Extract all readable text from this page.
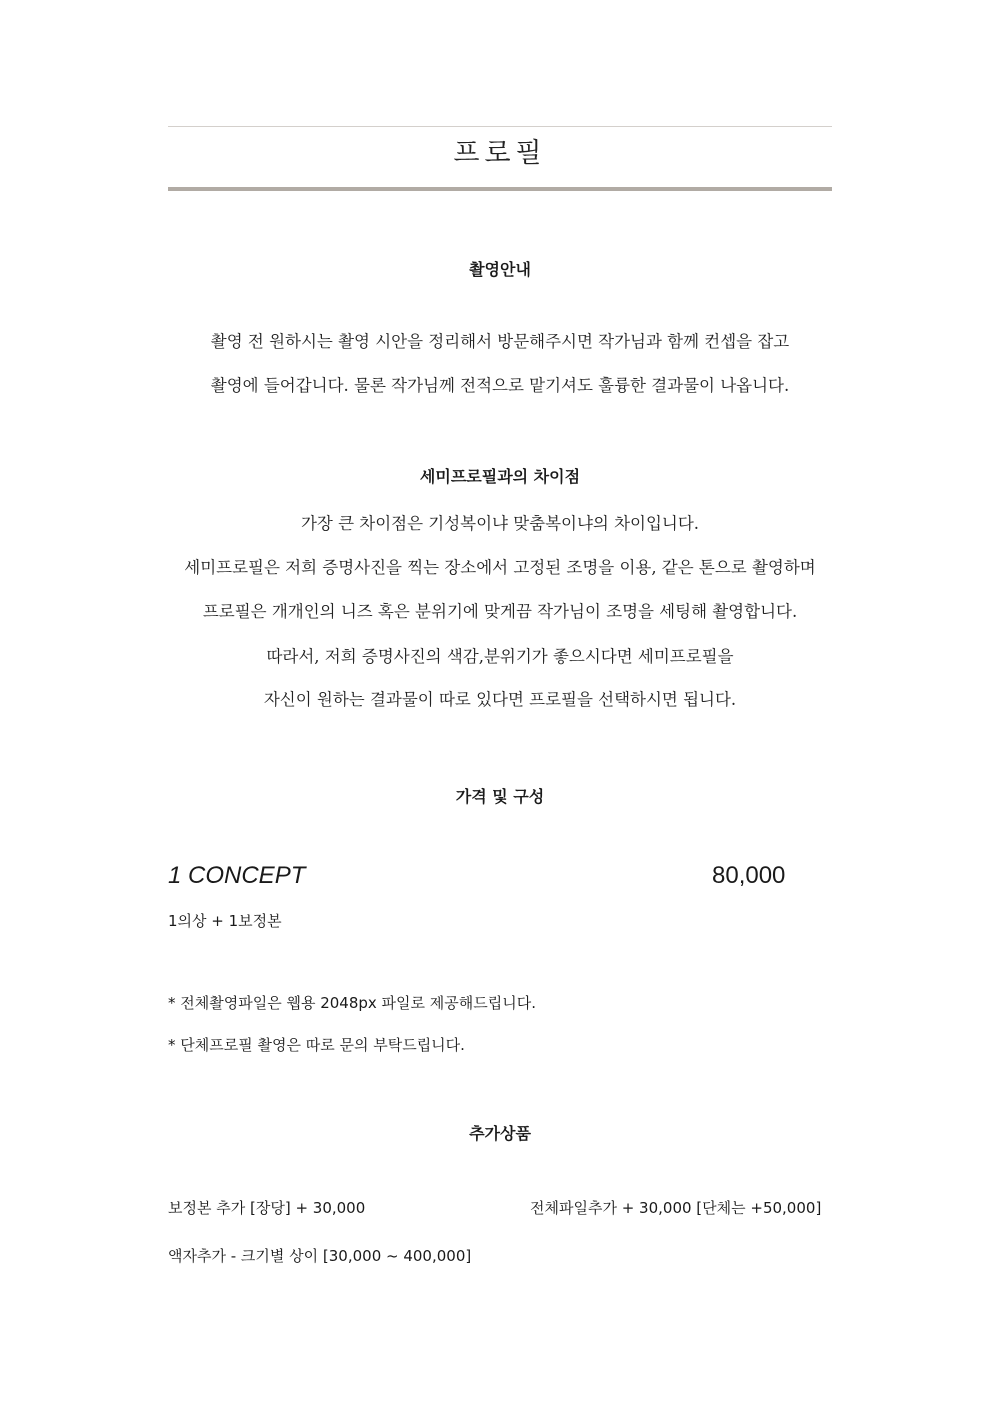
프로필
촬영안내
촬영 전 원하시는 촬영 시안을 정리해서 방문해주시면 작가님과 함께 컨셉을 잡고
촬영에 들어갑니다. 물론 작가님께 전적으로 맡기셔도 훌륭한 결과물이 나옵니다.
세미프로필과의 차이점
가장 큰 차이점은 기성복이냐 맞춤복이냐의 차이입니다.
세미프로필은 저희 증명사진을 찍는 장소에서 고정된 조명을 이용, 같은 톤으로 촬영하며
프로필은 개개인의 니즈 혹은 분위기에 맞게끔 작가님이 조명을 세팅해 촬영합니다.
따라서, 저희 증명사진의 색감,분위기가 좋으시다면 세미프로필을
자신이 원하는 결과물이 따로 있다면 프로필을 선택하시면 됩니다.
가격 및 구성
1 CONCEPT	80,000
1의상 + 1보정본
* 전체촬영파일은 웹용 2048px 파일로 제공해드립니다.
* 단체프로필 촬영은 따로 문의 부탁드립니다.
추가상품
보정본 추가 [장당] + 30,000	전체파일추가 + 30,000 [단체는 +50,000]
액자추가 - 크기별 상이 [30,000 ~ 400,000]
